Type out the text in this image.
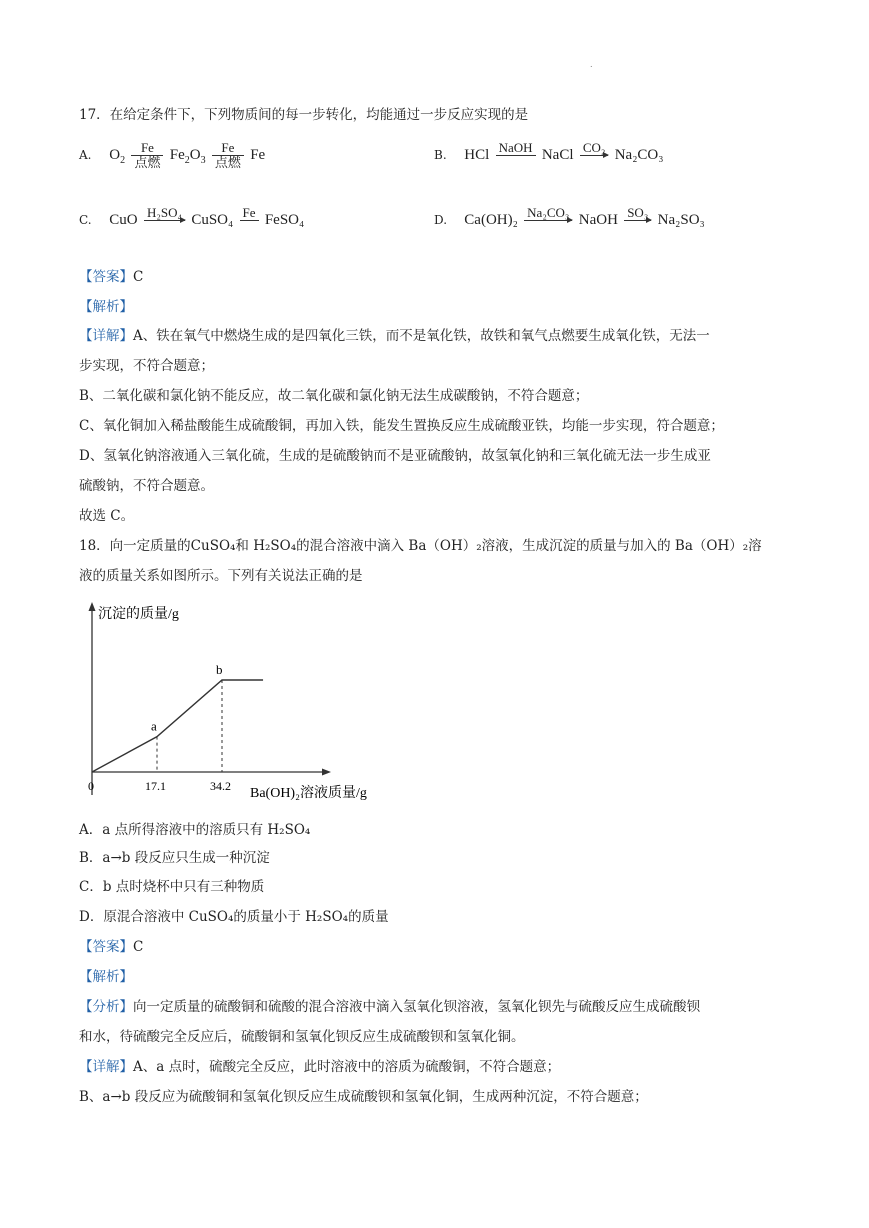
.
17．在给定条件下，下列物质间的每一步转化，均能通过一步反应实现的是
A. $O_2$
Fe
点燃
$Fe_2O_3$
Fe
点燃
Fe	B. HCl NaOH
NaCl CO₂
Na₂CO₃
C. CuO H₂SO₄
CuSO₄ Fe
FeSO₄	D. Ca(OH)₂ Na₂CO₃
NaOH SO₃
Na₂SO₃
【答案】C
【解析】
【详解】A、铁在氧气中燃烧生成的是四氧化三铁，而不是氧化铁，故铁和氧气点燃要生成氧化铁，无法一
步实现，不符合题意；
B、二氧化碳和氯化钠不能反应，故二氧化碳和氯化钠无法生成碳酸钠，不符合题意；
C、氧化铜加入稀盐酸能生成硫酸铜，再加入铁，能发生置换反应生成硫酸亚铁，均能一步实现，符合题意；
D、氢氧化钠溶液通入三氧化硫，生成的是硫酸钠而不是亚硫酸钠，故氢氧化钠和三氧化硫无法一步生成亚
硫酸钠，不符合题意。
故选 C。
18．向一定质量的CuSO₄和 H₂SO₄的混合溶液中滴入 Ba（OH）₂溶液，生成沉淀的质量与加入的 Ba（OH）₂溶
液的质量关系如图所示。下列有关说法正确的是
沉淀的质量/g
Ba(OH)₂溶液质量/g
0
a
b
17.1	34.2
A．a 点所得溶液中的溶质只有 H₂SO₄
B．a→b 段反应只生成一种沉淀
C．b 点时烧杯中只有三种物质
D．原混合溶液中 CuSO₄的质量小于 H₂SO₄的质量
【答案】C
【解析】
【分析】向一定质量的硫酸铜和硫酸的混合溶液中滴入氢氧化钡溶液，氢氧化钡先与硫酸反应生成硫酸钡
和水，待硫酸完全反应后，硫酸铜和氢氧化钡反应生成硫酸钡和氢氧化铜。
【详解】A、a 点时，硫酸完全反应，此时溶液中的溶质为硫酸铜，不符合题意；
B、a→b 段反应为硫酸铜和氢氧化钡反应生成硫酸钡和氢氧化铜，生成两种沉淀，不符合题意；
